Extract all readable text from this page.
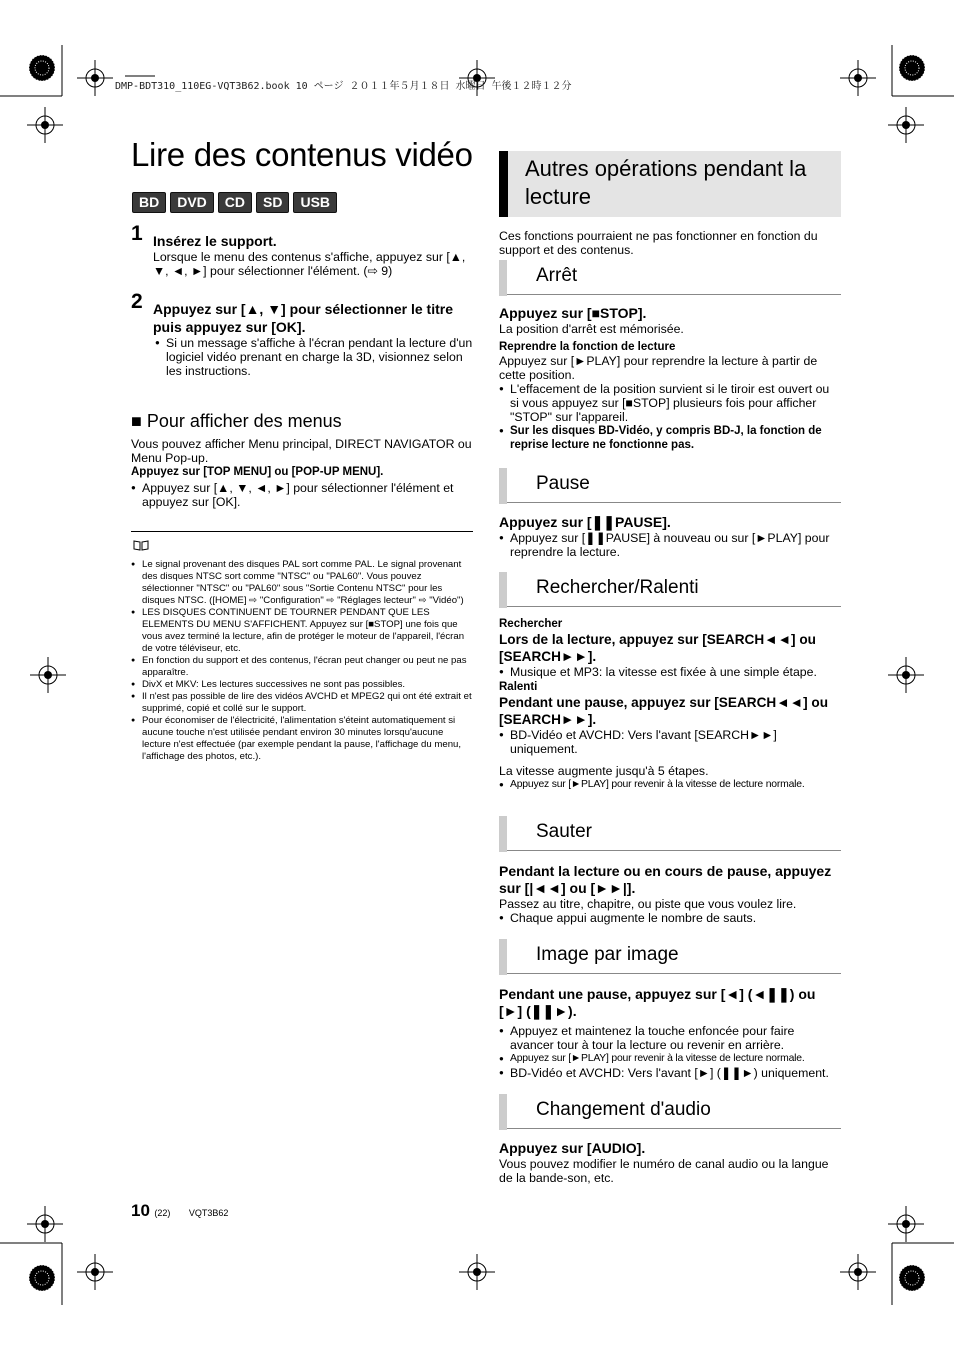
DMP-BDT310_110EG-VQT3B62.book 10 ページ ２０１１年５月１８日 水曜日 午後１２時１２分
Lire des contenus vidéo
BD	DVD	CD	SD	USB
1 Insérez le support.

Lorsque le menu des contenus s'affiche, appuyez sur [▲, ▼, ◄, ►] pour sélectionner l'élément. (⇨ 9)

2 Appuyez sur [▲, ▼] pour sélectionner le titre puis appuyez sur [OK].

● Si un message s'affiche à l'écran pendant la lecture d'un logiciel vidéo prenant en charge la 3D, visionnez selon les instructions.

■ Pour afficher des menus

Vous pouvez afficher Menu principal, DIRECT NAVIGATOR ou Menu Pop-up.

Appuyez sur [TOP MENU] ou [POP-UP MENU].

● Appuyez sur [▲, ▼, ◄, ►] pour sélectionner l'élément et appuyez sur [OK].

● Le signal provenant des disques PAL sort comme PAL. Le signal provenant des disques NTSC sort comme "NTSC" ou "PAL60". Vous pouvez sélectionner "NTSC" ou "PAL60" sous "Sortie Contenu NTSC" pour les disques NTSC. ([HOME] ⇨ "Configuration" ⇨ "Réglages lecteur" ⇨ "Vidéo")

● LES DISQUES CONTINUENT DE TOURNER PENDANT QUE LES ELEMENTS DU MENU S'AFFICHENT. Appuyez sur [■STOP] une fois que vous avez terminé la lecture, afin de protéger le moteur de l'appareil, l'écran de votre téléviseur, etc.

● En fonction du support et des contenus, l'écran peut changer ou peut ne pas apparaître.

● DivX et MKV: Les lectures successives ne sont pas possibles.

● Il n'est pas possible de lire des vidéos AVCHD et MPEG2 qui ont été extrait et supprimé, copié et collé sur le support.

● Pour économiser de l'électricité, l'alimentation s'éteint automatiquement si aucune touche n'est utilisée pendant environ 30 minutes lorsqu'aucune lecture n'est effectuée (par exemple pendant la pause, l'affichage du menu, l'affichage des photos, etc.).

Autres opérations pendant la lecture

Ces fonctions pourraient ne pas fonctionner en fonction du support et des contenus.

Arrêt

Appuyez sur [■STOP].

La position d'arrêt est mémorisée.

Reprendre la fonction de lecture

Appuyez sur [►PLAY] pour reprendre la lecture à partir de cette position.

● L'effacement de la position survient si le tiroir est ouvert ou si vous appuyez sur [■STOP] plusieurs fois pour afficher "STOP" sur l'appareil.

● Sur les disques BD-Vidéo, y compris BD-J, la fonction de reprise lecture ne fonctionne pas.

Pause

Appuyez sur [❚❚PAUSE].

● Appuyez sur [❚❚PAUSE] à nouveau ou sur [►PLAY] pour reprendre la lecture.

Rechercher/Ralenti

Rechercher

Lors de la lecture, appuyez sur [SEARCH◄◄] ou [SEARCH►►].

● Musique et MP3: la vitesse est fixée à une simple étape.

Ralenti

Pendant une pause, appuyez sur [SEARCH◄◄] ou [SEARCH►►].

● BD-Vidéo et AVCHD: Vers l'avant [SEARCH►►] uniquement.

La vitesse augmente jusqu'à 5 étapes.

● Appuyez sur [►PLAY] pour revenir à la vitesse de lecture normale.

Sauter

Pendant la lecture ou en cours de pause, appuyez sur [|◄◄] ou [►►|].

Passez au titre, chapitre, ou piste que vous voulez lire.

● Chaque appui augmente le nombre de sauts.

Image par image

Pendant une pause, appuyez sur [◄] (◄❚❚) ou [►] (❚❚►).

● Appuyez et maintenez la touche enfoncée pour faire avancer tour à tour la lecture ou revenir en arrière.

● Appuyez sur [►PLAY] pour revenir à la vitesse de lecture normale.

● BD-Vidéo et AVCHD: Vers l'avant [►] (❚❚►) uniquement.

Changement d'audio

Appuyez sur [AUDIO].

Vous pouvez modifier le numéro de canal audio ou la langue de la bande-son, etc.

10 (22) VQT3B62
